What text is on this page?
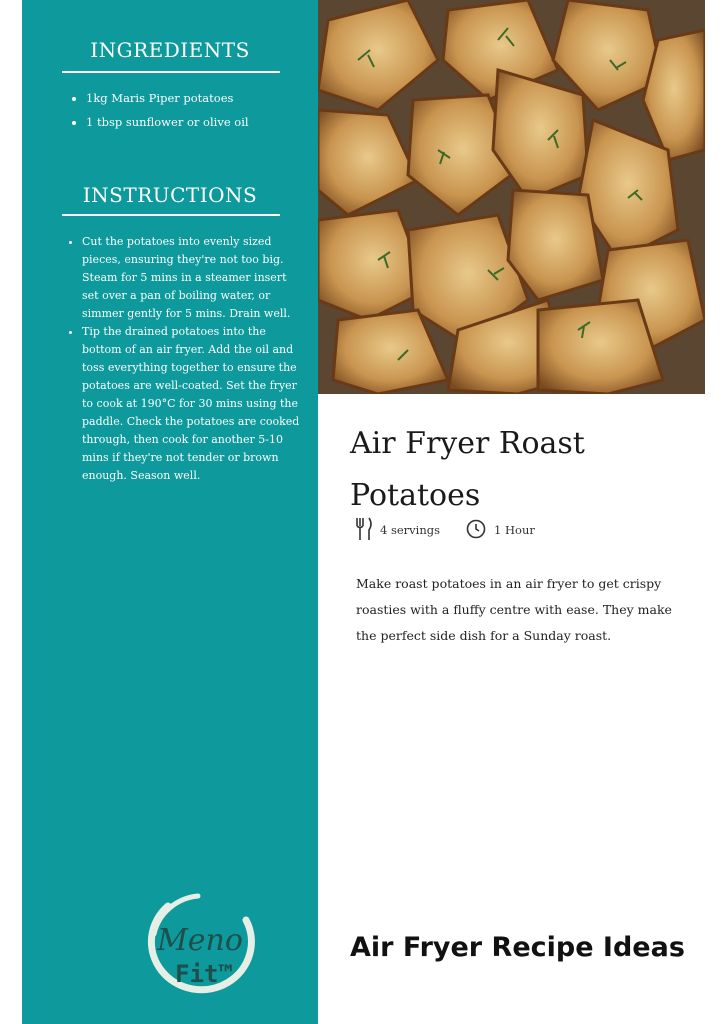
INGREDIENTS
• 1kg Maris Piper potatoes
• 1 tbsp sunflower or olive oil
INSTRUCTIONS
• Cut the potatoes into evenly sized pieces, ensuring they're not too big. Steam for 5 mins in a steamer insert set over a pan of boiling water, or simmer gently for 5 mins. Drain well.
• Tip the drained potatoes into the bottom of an air fryer. Add the oil and toss everything together to ensure the potatoes are well-coated. Set the fryer to cook at 190°C for 30 mins using the paddle. Check the potatoes are cooked through, then cook for another 5-10 mins if they're not tender or brown enough. Season well.
Meno
Fit™
Air Fryer Roast
Potatoes
4 servings	1 Hour

Make roast potatoes in an air fryer to get crispy roasties with a fluffy centre with ease. They make the perfect side dish for a Sunday roast.

Air Fryer Recipe Ideas
